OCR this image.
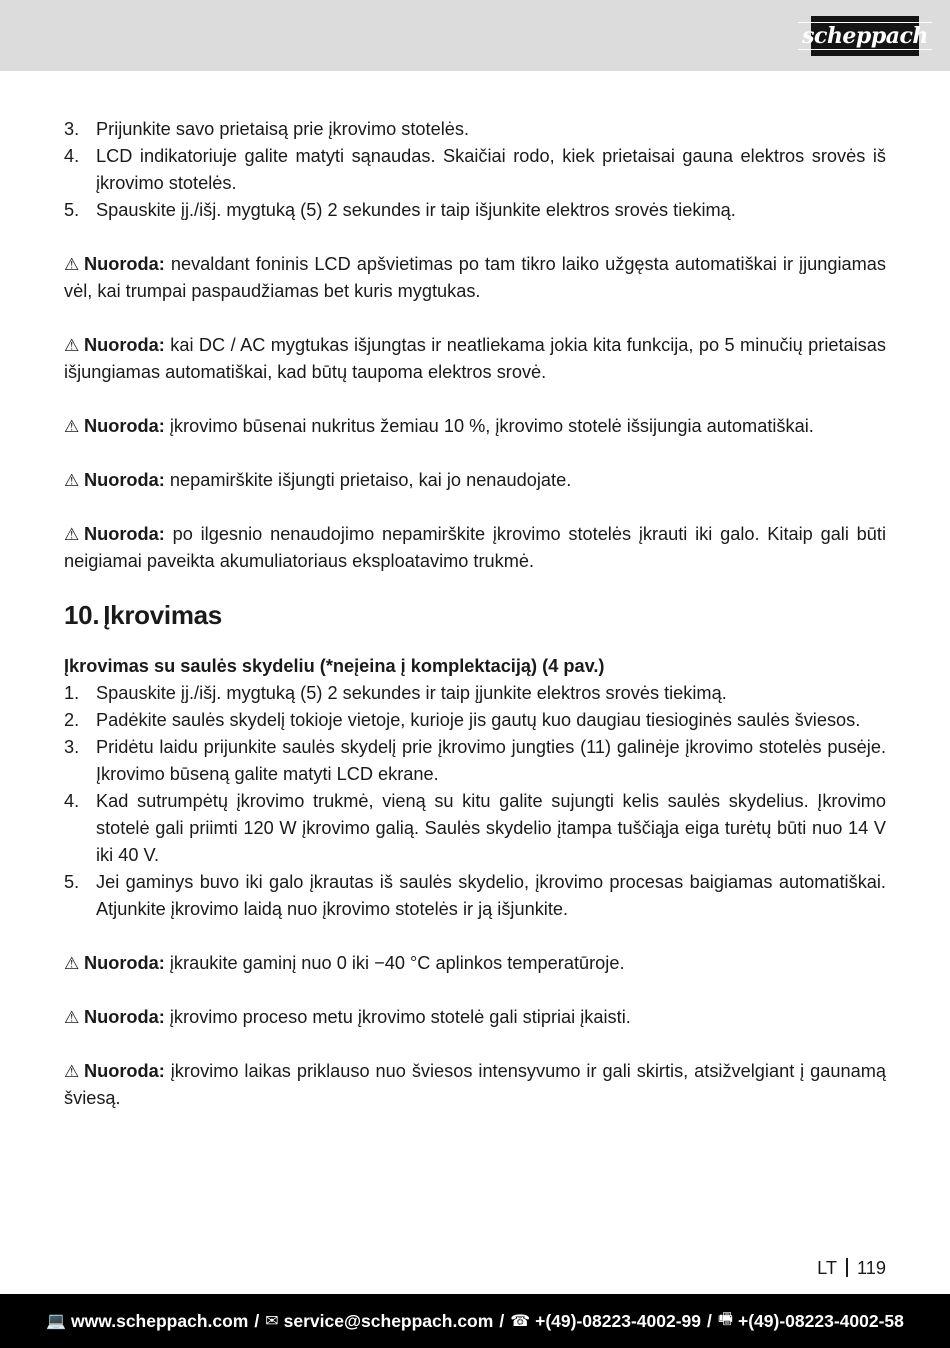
scheppach
3. Prijunkite savo prietaisą prie įkrovimo stotelės.
4. LCD indikatoriuje galite matyti sąnaudas. Skaičiai rodo, kiek prietaisai gauna elektros srovės iš įkrovimo stotelės.
5. Spauskite įj./išj. mygtuką (5) 2 sekundes ir taip išjunkite elektros srovės tiekimą.

⚠ Nuoroda: nevaldant foninis LCD apšvietimas po tam tikro laiko užgęsta automatiškai ir įjungiamas vėl, kai trumpai paspaudžiamas bet kuris mygtukas.

⚠ Nuoroda: kai DC / AC mygtukas išjungtas ir neatliekama jokia kita funkcija, po 5 minučių prietaisas išjungiamas automatiškai, kad būtų taupoma elektros srovė.

⚠ Nuoroda: įkrovimo būsenai nukritus žemiau 10 %, įkrovimo stotelė išsijungia automatiškai.

⚠ Nuoroda: nepamirškite išjungti prietaiso, kai jo nenaudojate.

⚠ Nuoroda: po ilgesnio nenaudojimo nepamirškite įkrovimo stotelės įkrauti iki galo. Kitaip gali būti neigiamai paveikta akumuliatoriaus eksploatavimo trukmė.

10. Įkrovimas

Įkrovimas su saulės skydeliu (*neįeina į komplektaciją) (4 pav.)

1. Spauskite įj./išj. mygtuką (5) 2 sekundes ir taip įjunkite elektros srovės tiekimą.
2. Padėkite saulės skydelį tokioje vietoje, kurioje jis gautų kuo daugiau tiesioginės saulės šviesos.
3. Pridėtu laidu prijunkite saulės skydelį prie įkrovimo jungties (11) galinėje įkrovimo stotelės pusėje. Įkrovimo būseną galite matyti LCD ekrane.
4. Kad sutrumpėtų įkrovimo trukmė, vieną su kitu galite sujungti kelis saulės skydelius. Įkrovimo stotelė gali priimti 120 W įkrovimo galią. Saulės skydelio įtampa tuščiąja eiga turėtų būti nuo 14 V iki 40 V.
5. Jei gaminys buvo iki galo įkrautas iš saulės skydelio, įkrovimo procesas baigiamas automatiškai. Atjunkite įkrovimo laidą nuo įkrovimo stotelės ir ją išjunkite.

⚠ Nuoroda: įkraukite gaminį nuo 0 iki −40 °C aplinkos temperatūroje.

⚠ Nuoroda: įkrovimo proceso metu įkrovimo stotelė gali stipriai įkaisti.

⚠ Nuoroda: įkrovimo laikas priklauso nuo šviesos intensyvumo ir gali skirtis, atsižvelgiant į gaunamą šviesą.

LT 119
💻 www.scheppach.com / ✉ service@scheppach.com / ☎ +(49)-08223-4002-99 / 🖷 +(49)-08223-4002-58
